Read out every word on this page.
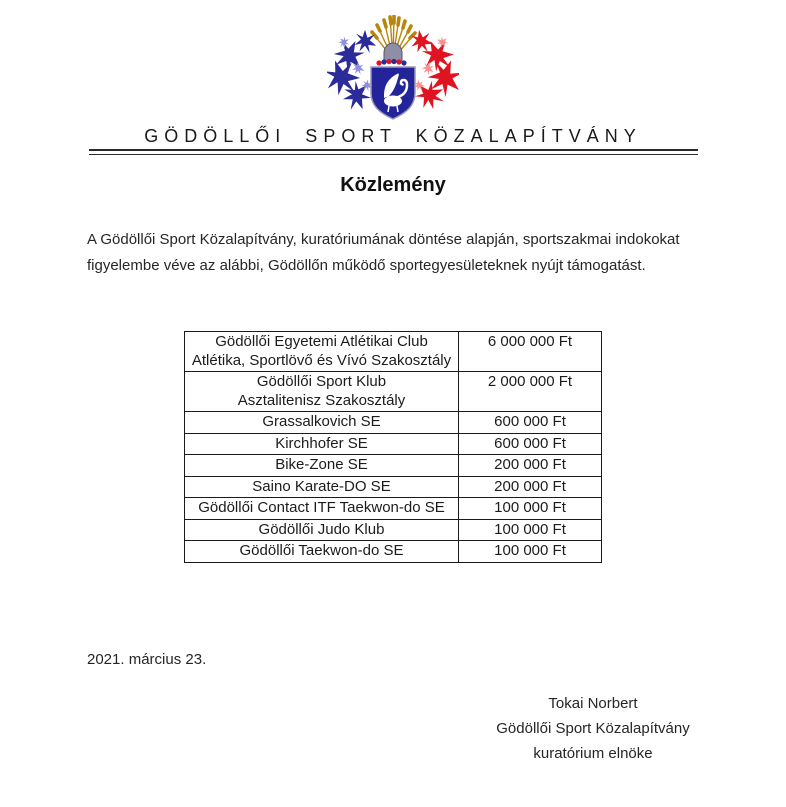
GÖDÖLLŐI SPORT KÖZALAPÍTVÁNY
Közlemény

A Gödöllői Sport Közalapítvány, kuratóriumának döntése alapján, sportszakmai indokokat figyelembe véve az alábbi, Gödöllőn működő sportegyesületeknek nyújt támogatást.

Gödöllői Egyetemi Atlétikai Club
Atlétika, Sportlövő és Vívó Szakosztály	6 000 000 Ft

Gödöllői Sport Klub
Asztalitenisz Szakosztály	2 000 000 Ft
Grassalkovich SE	600 000 Ft
Kirchhofer SE	600 000 Ft
Bike-Zone SE	200 000 Ft
Saino Karate-DO SE	200 000 Ft
Gödöllői Contact ITF Taekwon-do SE	100 000 Ft
Gödöllői Judo Klub	100 000 Ft
Gödöllői Taekwon-do SE	100 000 Ft

2021. március 23.

Tokai Norbert
Gödöllői Sport Közalapítvány
kuratórium elnöke
